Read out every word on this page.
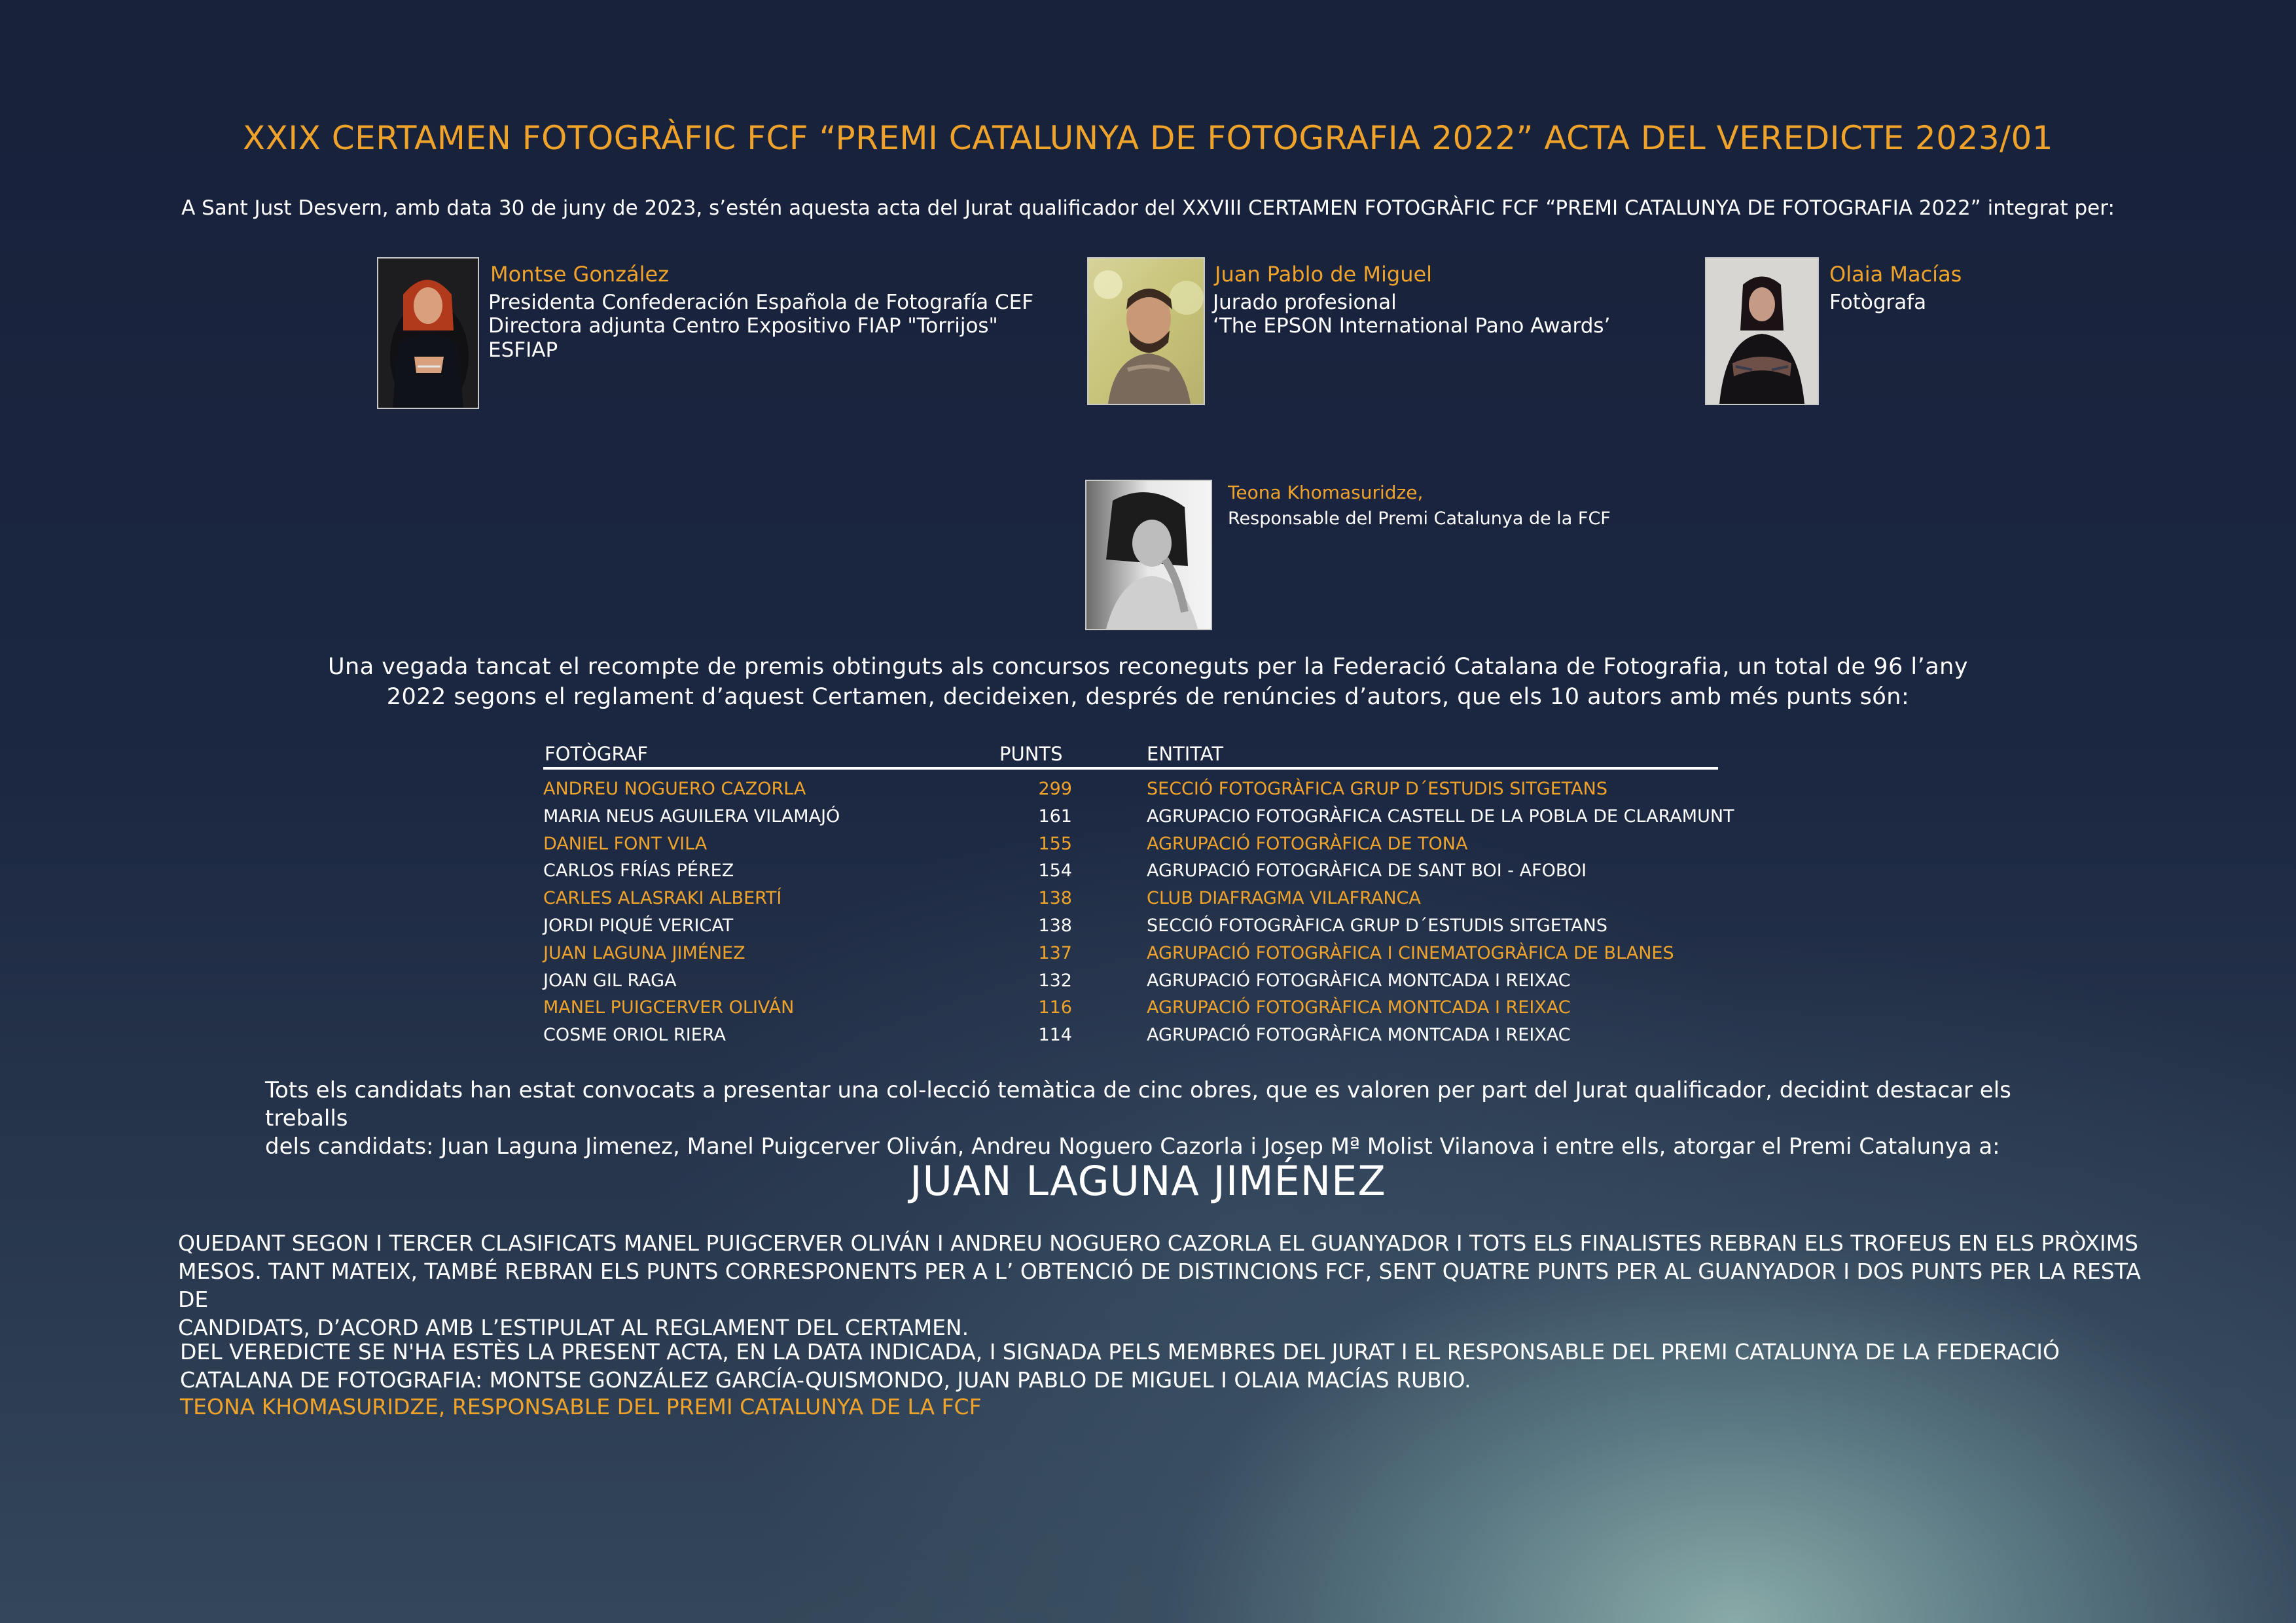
XXIX CERTAMEN FOTOGRÀFIC FCF “PREMI CATALUNYA DE FOTOGRAFIA 2022” ACTA DEL VEREDICTE 2023/01
A Sant Just Desvern, amb data 30 de juny de 2023, s’estén aquesta acta del Jurat qualificador del XXVIII CERTAMEN FOTOGRÀFIC FCF “PREMI CATALUNYA DE FOTOGRAFIA 2022” integrat per:
Montse González
Presidenta Confederación Española de Fotografía CEF
Directora adjunta Centro Expositivo FIAP "Torrijos"
ESFIAP
Juan Pablo de Miguel
Jurado profesional
‘The EPSON International Pano Awards’
Olaia Macías
Fotògrafa
Teona Khomasuridze,
Responsable del Premi Catalunya de la FCF
Una vegada tancat el recompte de premis obtinguts als concursos reconeguts per la Federació Catalana de Fotografia, un total de 96 l’any 2022 segons el reglament d’aquest Certamen, decideixen, després de renúncies d’autors, que els 10 autors amb més punts són:
FOTÒGRAF	PUNTS	ENTITAT
ANDREU NOGUERO CAZORLA	299	SECCIÓ FOTOGRÀFICA GRUP D´ESTUDIS SITGETANS
MARIA NEUS AGUILERA VILAMAJÓ	161	AGRUPACIO FOTOGRÀFICA CASTELL DE LA POBLA DE CLARAMUNT
DANIEL FONT VILA	155	AGRUPACIÓ FOTOGRÀFICA DE TONA
CARLOS FRÍAS PÉREZ	154	AGRUPACIÓ FOTOGRÀFICA DE SANT BOI - AFOBOI
CARLES ALASRAKI ALBERTÍ	138	CLUB DIAFRAGMA VILAFRANCA
JORDI PIQUÉ VERICAT	138	SECCIÓ FOTOGRÀFICA GRUP D´ESTUDIS SITGETANS
JUAN LAGUNA JIMÉNEZ	137	AGRUPACIÓ FOTOGRÀFICA I CINEMATOGRÀFICA DE BLANES
JOAN GIL RAGA	132	AGRUPACIÓ FOTOGRÀFICA MONTCADA I REIXAC
MANEL PUIGCERVER OLIVÁN	116	AGRUPACIÓ FOTOGRÀFICA MONTCADA I REIXAC
COSME ORIOL RIERA	114	AGRUPACIÓ FOTOGRÀFICA MONTCADA I REIXAC
Tots els candidats han estat convocats a presentar una col-lecció temàtica de cinc obres, que es valoren per part del Jurat qualificador, decidint destacar els treballs
dels candidats: Juan Laguna Jimenez, Manel Puigcerver Oliván, Andreu Noguero Cazorla i Josep Mª Molist Vilanova i entre ells, atorgar el Premi Catalunya a:
JUAN LAGUNA JIMÉNEZ
QUEDANT SEGON I TERCER CLASIFICATS MANEL PUIGCERVER OLIVÁN I ANDREU NOGUERO CAZORLA EL GUANYADOR I TOTS ELS FINALISTES REBRAN ELS TROFEUS EN ELS PRÒXIMS
MESOS. TANT MATEIX, TAMBÉ REBRAN ELS PUNTS CORRESPONENTS PER A L’ OBTENCIÓ DE DISTINCIONS FCF, SENT QUATRE PUNTS PER AL GUANYADOR I DOS PUNTS PER LA RESTA DE
CANDIDATS, D’ACORD AMB L’ESTIPULAT AL REGLAMENT DEL CERTAMEN.
DEL VEREDICTE SE N'HA ESTÈS LA PRESENT ACTA, EN LA DATA INDICADA, I SIGNADA PELS MEMBRES DEL JURAT I EL RESPONSABLE DEL PREMI CATALUNYA DE LA FEDERACIÓ
CATALANA DE FOTOGRAFIA: MONTSE GONZÁLEZ GARCÍA-QUISMONDO, JUAN PABLO DE MIGUEL I OLAIA MACÍAS RUBIO.
TEONA KHOMASURIDZE, RESPONSABLE DEL PREMI CATALUNYA DE LA FCF
